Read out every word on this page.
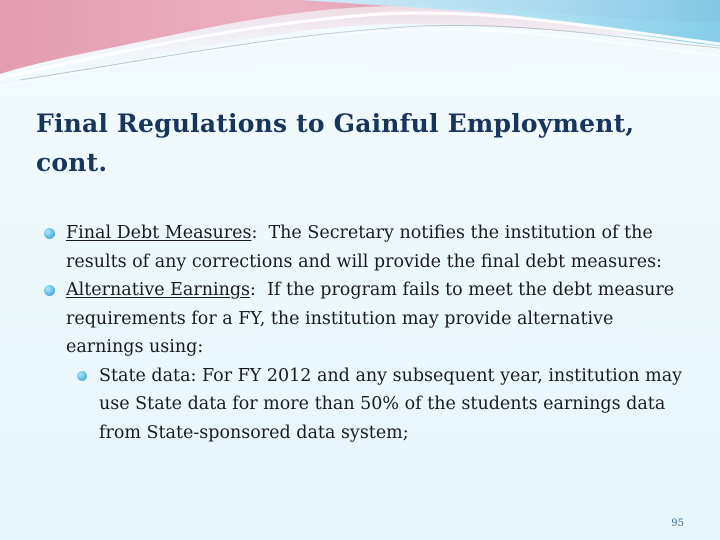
Final Regulations to Gainful Employment, cont.
Final Debt Measures:  The Secretary notifies the institution of the results of any corrections and will provide the final debt measures:
Alternative Earnings:  If the program fails to meet the debt measure requirements for a FY, the institution may provide alternative earnings using:
State data: For FY 2012 and any subsequent year, institution may use State data for more than 50% of the students earnings data from State-sponsored data system;
95
